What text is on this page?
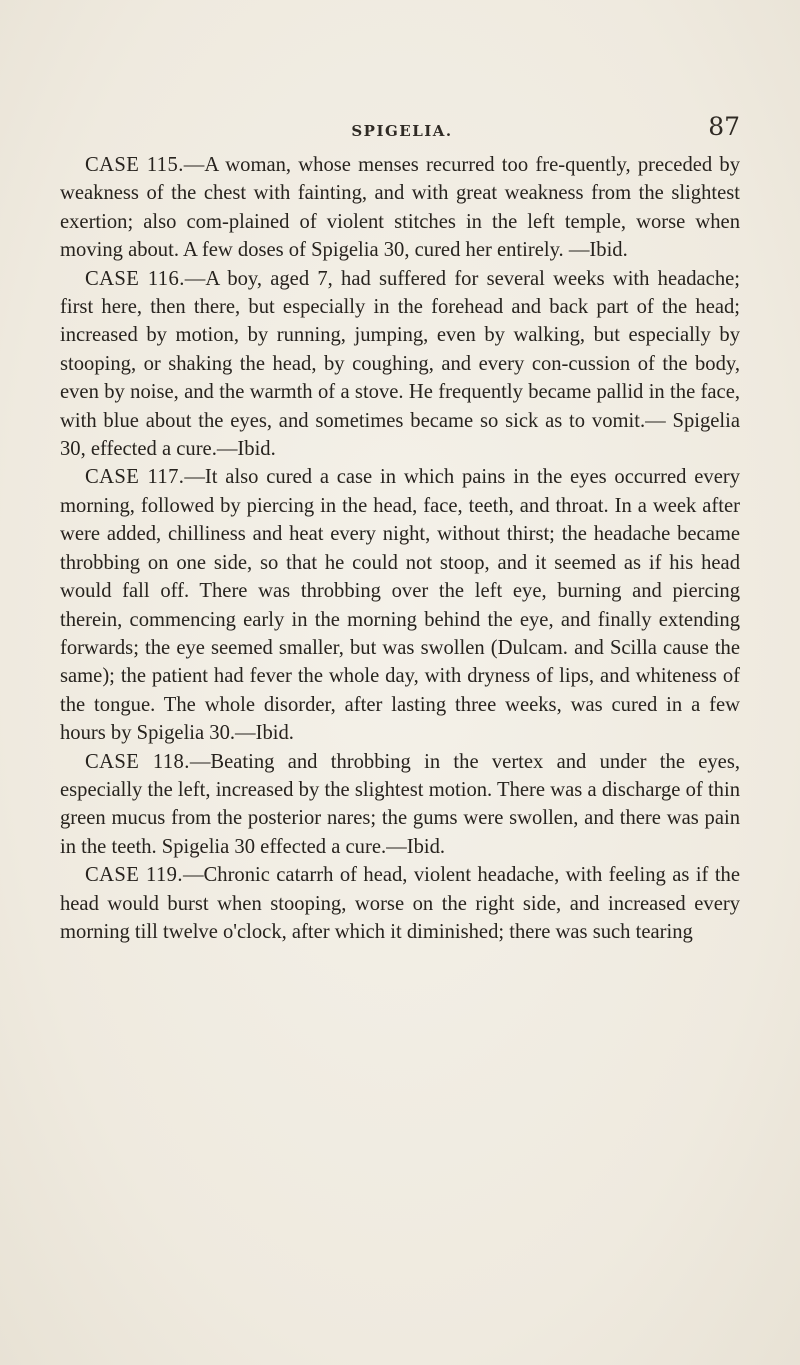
SPIGELIA.	87

CASE 115.—A woman, whose menses recurred too fre-quently, preceded by weakness of the chest with fainting, and with great weakness from the slightest exertion; also com-plained of violent stitches in the left temple, worse when moving about. A few doses of Spigelia 30, cured her entirely. —Ibid.

CASE 116.—A boy, aged 7, had suffered for several weeks with headache; first here, then there, but especially in the forehead and back part of the head; increased by motion, by running, jumping, even by walking, but especially by stooping, or shaking the head, by coughing, and every con-cussion of the body, even by noise, and the warmth of a stove. He frequently became pallid in the face, with blue about the eyes, and sometimes became so sick as to vomit.— Spigelia 30, effected a cure.—Ibid.

CASE 117.—It also cured a case in which pains in the eyes occurred every morning, followed by piercing in the head, face, teeth, and throat. In a week after were added, chilliness and heat every night, without thirst; the headache became throbbing on one side, so that he could not stoop, and it seemed as if his head would fall off. There was throbbing over the left eye, burning and piercing therein, commencing early in the morning behind the eye, and finally extending forwards; the eye seemed smaller, but was swollen (Dulcam. and Scilla cause the same); the patient had fever the whole day, with dryness of lips, and whiteness of the tongue. The whole disorder, after lasting three weeks, was cured in a few hours by Spigelia 30.—Ibid.

CASE 118.—Beating and throbbing in the vertex and under the eyes, especially the left, increased by the slightest motion. There was a discharge of thin green mucus from the posterior nares; the gums were swollen, and there was pain in the teeth. Spigelia 30 effected a cure.—Ibid.

CASE 119.—Chronic catarrh of head, violent headache, with feeling as if the head would burst when stooping, worse on the right side, and increased every morning till twelve o'clock, after which it diminished; there was such tearing
